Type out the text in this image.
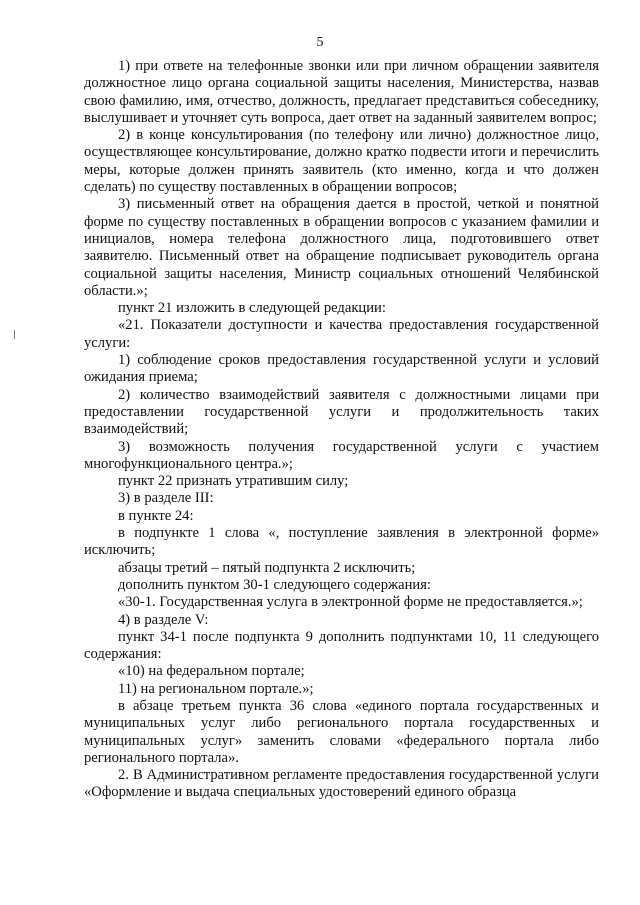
5

1) при ответе на телефонные звонки или при личном обращении заявителя должностное лицо органа социальной защиты населения, Министерства, назвав свою фамилию, имя, отчество, должность, предлагает представиться собеседнику, выслушивает и уточняет суть вопроса, дает ответ на заданный заявителем вопрос;

2) в конце консультирования (по телефону или лично) должностное лицо, осуществляющее консультирование, должно кратко подвести итоги и перечислить меры, которые должен принять заявитель (кто именно, когда и что должен сделать) по существу поставленных в обращении вопросов;

3) письменный ответ на обращения дается в простой, четкой и понятной форме по существу поставленных в обращении вопросов с указанием фамилии и инициалов, номера телефона должностного лица, подготовившего ответ заявителю. Письменный ответ на обращение подписывает руководитель органа социальной защиты населения, Министр социальных отношений Челябинской области.»;

пункт 21 изложить в следующей редакции:

«21. Показатели доступности и качества предоставления государственной услуги:

1) соблюдение сроков предоставления государственной услуги и условий ожидания приема;

2) количество взаимодействий заявителя с должностными лицами при предоставлении государственной услуги и продолжительность таких взаимодействий;

3) возможность получения государственной услуги с участием многофункционального центра.»;

пункт 22 признать утратившим силу;

3) в разделе III:

в пункте 24:

в подпункте 1 слова «, поступление заявления в электронной форме» исключить;

абзацы третий – пятый подпункта 2 исключить;

дополнить пунктом 30-1 следующего содержания:

«30-1. Государственная услуга в электронной форме не предоставляется.»;

4) в разделе V:

пункт 34-1 после подпункта 9 дополнить подпунктами 10, 11 следующего содержания:

«10) на федеральном портале;

11) на региональном портале.»;

в абзаце третьем пункта 36 слова «единого портала государственных и муниципальных услуг либо регионального портала государственных и муниципальных услуг» заменить словами «федерального портала либо регионального портала».

2. В Административном регламенте предоставления государственной услуги «Оформление и выдача специальных удостоверений единого образца
